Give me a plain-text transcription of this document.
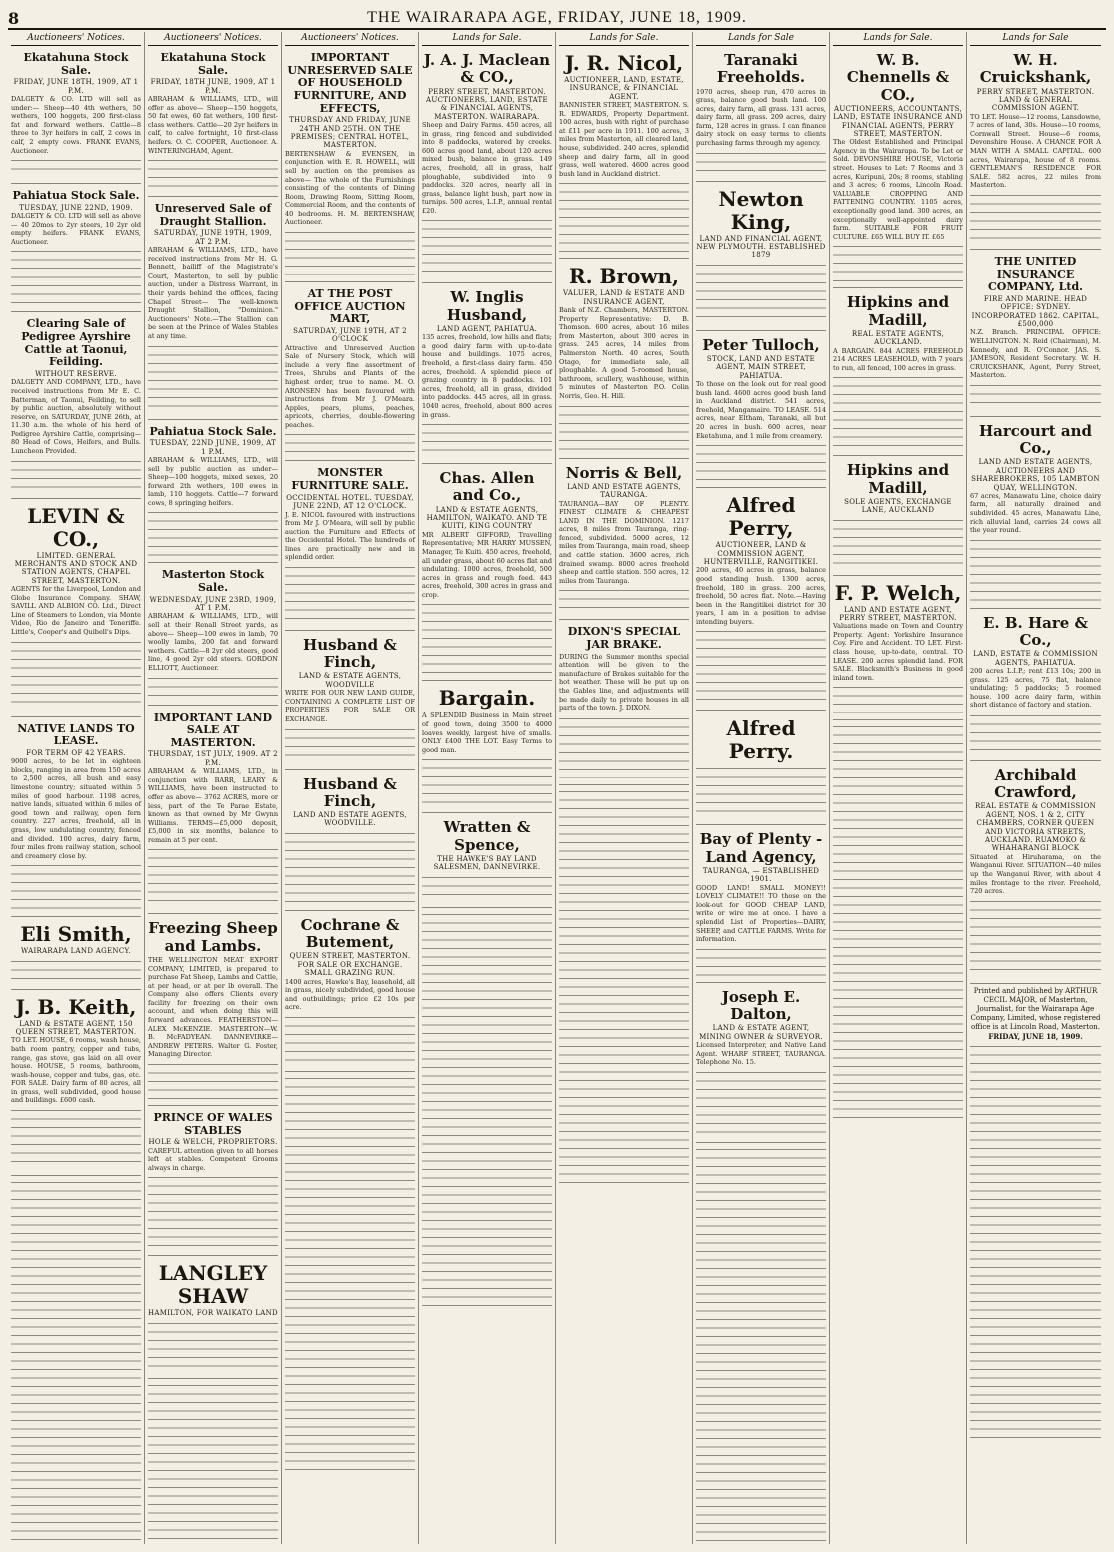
8	THE WAIRARAPA AGE, FRIDAY, JUNE 18, 1909.
Auctioneers' Notices.
Ekatahuna Stock Sale.
FRIDAY, JUNE 18TH, 1909, AT 1 P.M.
DALGETY & CO. LTD will sell as under:— Sheep—40 4th wethers, 50 wethers, 100 hoggets, 200 first-class fat and forward wethers. Cattle—8 three to 3yr heifers in calf, 2 cows in calf, 2 empty cows. FRANK EVANS, Auctioneer.
Pahiatua Stock Sale.
TUESDAY, JUNE 22ND, 1909.
DALGETY & CO. LTD will sell as above— 40 20mos to 2yr steers, 10 2yr old empty heifers. FRANK EVANS, Auctioneer.
Clearing Sale of Pedigree Ayrshire Cattle at Taonui, Feilding.
WITHOUT RESERVE.
DALGETY AND COMPANY, LTD., have received instructions from Mr E. C. Batterman, of Taonui, Feilding, to sell by public auction, absolutely without reserve, on SATURDAY, JUNE 26th, at 11.30 a.m. the whole of his herd of Pedigree Ayrshire Cattle, comprising— 80 Head of Cows, Heifers, and Bulls. Luncheon Provided.
LEVIN & CO.,
LIMITED. GENERAL MERCHANTS AND STOCK AND STATION AGENTS, CHAPEL STREET, MASTERTON.
AGENTS for the Liverpool, London and Globe Insurance Company. SHAW, SAVILL AND ALBION CO. Ltd., Direct Line of Steamers to London, via Monte Video, Rio de Janeiro and Teneriffe. Little's, Cooper's and Quibell's Dips.
NATIVE LANDS TO LEASE.
FOR TERM OF 42 YEARS.
9000 acres, to be let in eighteen blocks, ranging in area from 150 acres to 2,500 acres, all bush and easy limestone country; situated within 5 miles of good harbour. 1198 acres, native lands, situated within 6 miles of good town and railway, open fern country. 227 acres, freehold, all in grass, low undulating country, fenced and divided. 100 acres, dairy farm, four miles from railway station, school and creamery close by.
Eli Smith,
WAIRARAPA LAND AGENCY.
J. B. Keith,
LAND & ESTATE AGENT, 150 QUEEN STREET, MASTERTON.
TO LET. HOUSE, 6 rooms, wash house, bath room pantry, copper and tubs, range, gas stove, gas laid on all over house. HOUSE, 5 rooms, bathroom, wash-house, copper and tubs, gas, etc. FOR SALE. Dairy farm of 80 acres, all in grass, well subdivided, good house and buildings. £600 cash.
Auctioneers' Notices.
Ekatahuna Stock Sale.
FRIDAY, 18TH JUNE, 1909, AT 1 P.M.
ABRAHAM & WILLIAMS, LTD., will offer as above— Sheep—150 hoggets, 50 fat ewes, 60 fat wethers, 100 first-class wethers. Cattle—20 2yr heifers in calf, to calve fortnight, 10 first-class heifers. O. C. COOPER, Auctioneer. A. WINTERINGHAM, Agent.
Unreserved Sale of Draught Stallion.
SATURDAY, JUNE 19TH, 1909, AT 2 P.M.
ABRAHAM & WILLIAMS, LTD., have received instructions from Mr H. G. Bennett, bailiff of the Magistrate's Court, Masterton, to sell by public auction, under a Distress Warrant, in their yards behind the offices, facing Chapel Street— The well-known Draught Stallion, "Dominion." Auctioneers' Note.—The Stallion can be seen at the Prince of Wales Stables at any time.
Pahiatua Stock Sale.
TUESDAY, 22ND JUNE, 1909, AT 1 P.M.
ABRAHAM & WILLIAMS, LTD., will sell by public auction as under— Sheep—100 hoggets, mixed sexes, 20 forward 2th wethers, 100 ewes in lamb, 110 hoggets. Cattle—7 forward cows, 8 springing heifers.
Masterton Stock Sale.
WEDNESDAY, JUNE 23RD, 1909, AT 1 P.M.
ABRAHAM & WILLIAMS, LTD., will sell at their Renall Street yards, as above— Sheep—100 ewes in lamb, 70 woolly lambs, 200 fat and forward wethers. Cattle—8 2yr old steers, good line, 4 good 2yr old steers. GORDON ELLIOTT, Auctioneer.
IMPORTANT LAND SALE AT MASTERTON.
THURSDAY, 1ST JULY, 1909. AT 2 P.M.
ABRAHAM & WILLIAMS, LTD., in conjunction with BARR, LEARY & WILLIAMS, have been instructed to offer as above— 3762 ACRES, more or less, part of the Te Parae Estate, known as that owned by Mr Gwynn Williams. TERMS—£5,000 deposit, £5,000 in six months, balance to remain at 5 per cent.
Freezing Sheep and Lambs.
THE WELLINGTON MEAT EXPORT COMPANY, LIMITED, is prepared to purchase Fat Sheep, Lambs and Cattle, at per head, or at per lb overall. The Company also offers Clients every facility for freezing on their own account, and when doing this will forward advances. FEATHERSTON—ALEX McKENZIE. MASTERTON—W. B. McFADYEAN. DANNEVIRKE—ANDREW PETERS. Walter G. Foster, Managing Director.
PRINCE OF WALES STABLES
HOLE & WELCH, PROPRIETORS.
CAREFUL attention given to all horses left at stables. Competent Grooms always in charge.
LANGLEY SHAW
HAMILTON, FOR WAIKATO LAND
Auctioneers' Notices.
IMPORTANT UNRESERVED SALE OF HOUSEHOLD FURNITURE, AND EFFECTS,
THURSDAY AND FRIDAY, JUNE 24TH AND 25TH. ON THE PREMISES; CENTRAL HOTEL, MASTERTON.
BERTENSHAW & EVENSEN, in conjunction with E. R. HOWELL, will sell by auction on the premises as above— The whole of the Furnishings consisting of the contents of Dining Room, Drawing Room, Sitting Room, Commercial Room, and the contents of 40 bedrooms. H. M. BERTENSHAW, Auctioneer.
AT THE POST OFFICE AUCTION MART,
SATURDAY, JUNE 19TH, AT 2 O'CLOCK
Attractive and Unreserved Auction Sale of Nursery Stock, which will include a very fine assortment of Trees, Shrubs and Plants of the highest order, true to name. M. O. ARONSEN has been favoured with instructions from Mr J. O'Meara. Apples, pears, plums, peaches, apricots, cherries, double-flowering peaches.
MONSTER FURNITURE SALE.
OCCIDENTAL HOTEL. TUESDAY, JUNE 22ND, AT 12 O'CLOCK.
J. E. NICOL favoured with instructions from Mr J. O'Meara, will sell by public auction the Furniture and Effects of the Occidental Hotel. The hundreds of lines are practically new and in splendid order.
Husband & Finch,
LAND & ESTATE AGENTS, WOODVILLE
WRITE FOR OUR NEW LAND GUIDE, CONTAINING A COMPLETE LIST OF PROPERTIES FOR SALE OR EXCHANGE.
Husband & Finch,
LAND AND ESTATE AGENTS, WOODVILLE.
Cochrane & Butement,
QUEEN STREET, MASTERTON. FOR SALE OR EXCHANGE. SMALL GRAZING RUN.
1400 acres, Hawke's Bay, leasehold, all in grass, nicely subdivided, good house and outbuildings; price £2 10s per acre.
Lands for Sale.
J. A. J. Maclean & CO.,
PERRY STREET, MASTERTON. AUCTIONEERS, LAND, ESTATE & FINANCIAL AGENTS, MASTERTON. WAIRARAPA.
Sheep and Dairy Farms. 450 acres, all in grass, ring fenced and subdivided into 8 paddocks, watered by creeks. 600 acres good land, about 120 acres mixed bush, balance in grass. 149 acres, freehold, all in grass, half ploughable, subdivided into 9 paddocks. 320 acres, nearly all in grass, balance light bush, part now in turnips. 500 acres, L.I.P., annual rental £20.
W. Inglis Husband,
LAND AGENT, PAHIATUA.
135 acres, freehold, low hills and flats; a good dairy farm with up-to-date house and buildings. 1075 acres, freehold, a first-class dairy farm. 450 acres, freehold. A splendid piece of grazing country in 8 paddocks. 101 acres, freehold, all in grass, divided into paddocks. 445 acres, all in grass. 1040 acres, freehold, about 800 acres in grass.
Chas. Allen and Co.,
LAND & ESTATE AGENTS, HAMILTON, WAIKATO. AND TE KUITI, KING COUNTRY
MR ALBERT GIFFORD, Travelling Representative; MR HARRY MUSSEN, Manager, Te Kuiti. 450 acres, freehold, all under grass, about 60 acres flat and undulating. 1000 acres, freehold, 500 acres in grass and rough feed. 443 acres, freehold, 300 acres in grass and crop.
Bargain.
A SPLENDID Business in Main street of good town, doing 3500 to 4000 loaves weekly, largest hive of smalls. ONLY £400 THE LOT. Easy Terms to good man.
Wratten & Spence,
THE HAWKE'S BAY LAND SALESMEN, DANNEVIRKE.
Lands for Sale.
J. R. Nicol,
AUCTIONEER, LAND, ESTATE, INSURANCE, & FINANCIAL AGENT.
BANNISTER STREET, MASTERTON. S. R. EDWARDS, Property Department. 100 acres, bush with right of purchase at £11 per acre in 1911. 100 acres, 3 miles from Masterton, all cleared land, house, subdivided. 240 acres, splendid sheep and dairy farm, all in good grass, well watered. 4600 acres good bush land in Auckland district.
R. Brown,
VALUER, LAND & ESTATE AND INSURANCE AGENT,
Bank of N.Z. Chambers, MASTERTON. Property Representative: D. B. Thomson. 600 acres, about 16 miles from Masterton, about 300 acres in grass. 245 acres, 14 miles from Palmerston North. 40 acres, South Otago, for immediate sale, all ploughable. A good 5-roomed house, bathroom, scullery, washhouse, within 5 minutes of Masterton P.O. Colin Norris, Geo. H. Hill.
Norris & Bell,
LAND AND ESTATE AGENTS, TAURANGA.
TAURANGA—BAY OF PLENTY. FINEST CLIMATE & CHEAPEST LAND IN THE DOMINION. 1217 acres, 8 miles from Tauranga, ring-fenced, subdivided. 5000 acres, 12 miles from Tauranga, main road, sheep and cattle station. 3600 acres, rich drained swamp. 8000 acres freehold sheep and cattle station. 550 acres, 12 miles from Tauranga.
DIXON'S SPECIAL JAR BRAKE.
DURING the Summer months special attention will be given to the manufacture of Brakes suitable for the hot weather. These will be put up on the Gables line, and adjustments will be made daily to private houses in all parts of the town. J. DIXON.
Lands for Sale
Taranaki Freeholds.
1970 acres, sheep run, 470 acres in grass, balance good bush land. 100 acres, dairy farm, all grass. 131 acres, dairy farm, all grass. 209 acres, dairy farm, 128 acres in grass. I can finance dairy stock on easy terms to clients purchasing farms through my agency.
Newton King,
LAND AND FINANCIAL AGENT, NEW PLYMOUTH. ESTABLISHED 1879
Peter Tulloch,
STOCK, LAND AND ESTATE AGENT, MAIN STREET, PAHIATUA.
To those on the look out for real good bush land. 4600 acres good bush land in Auckland district. 541 acres, freehold, Mangamaire. TO LEASE. 514 acres, near Eltham, Taranaki, all but 20 acres in bush. 600 acres, near Eketahuna, and 1 mile from creamery.
Alfred Perry,
AUCTIONEER, LAND & COMMISSION AGENT, HUNTERVILLE, RANGITIKEI.
200 acres, 40 acres in grass, balance good standing bush. 1300 acres, freehold, 180 in grass. 200 acres, freehold, 50 acres flat. Note.—Having been in the Rangitikei district for 30 years, I am in a position to advise intending buyers.
Alfred Perry.
Bay of Plenty - Land Agency,
TAURANGA, — ESTABLISHED 1901.
GOOD LAND! SMALL MONEY!! LOVELY CLIMATE!! TO those on the look-out for GOOD CHEAP LAND, write or wire me at once. I have a splendid List of Properties—DAIRY, SHEEP, and CATTLE FARMS. Write for information.
Joseph E. Dalton,
LAND & ESTATE AGENT, MINING OWNER & SURVEYOR.
Licensed Interpreter, and Native Land Agent. WHARF STREET, TAURANGA. Telephone No. 15.
Lands for Sale.
W. B. Chennells & CO.,
AUCTIONEERS, ACCOUNTANTS, LAND, ESTATE INSURANCE AND FINANCIAL AGENTS, PERRY STREET, MASTERTON.
The Oldest Established and Principal Agency in the Wairarapa. To be Let or Sold. DEVONSHIRE HOUSE, Victoria street. Houses to Let: 7 Rooms and 3 acres, Kuripuni, 20s; 8 rooms, stabling and 3 acres; 6 rooms, Lincoln Road. VALUABLE CROPPING AND FATTENING COUNTRY. 1105 acres, exceptionally good land. 300 acres, an exceptionally well-appointed dairy farm. SUITABLE FOR FRUIT CULTURE. £65 WILL BUY IT. £65
Hipkins and Madill,
REAL ESTATE AGENTS, AUCKLAND.
A BARGAIN. 844 ACRES FREEHOLD 214 ACRES LEASEHOLD, with 7 years to run, all fenced, 100 acres in grass.
Hipkins and Madill,
SOLE AGENTS, EXCHANGE LANE, AUCKLAND
F. P. Welch,
LAND AND ESTATE AGENT, PERRY STREET, MASTERTON.
Valuations made on Town and Country Property. Agent: Yorkshire Insurance Coy. Fire and Accident. TO LET. First-class house, up-to-date, central. TO LEASE. 200 acres splendid land. FOR SALE. Blacksmith's Business in good inland town.
Lands for Sale
W. H. Cruickshank,
PERRY STREET, MASTERTON. LAND & GENERAL COMMISSION AGENT.
TO LET. House—12 rooms, Lansdowne, 7 acres of land, 30s. House—10 rooms, Cornwall Street. House—6 rooms, Devonshire House. A CHANCE FOR A MAN WITH A SMALL CAPITAL. 600 acres, Wairarapa, house of 8 rooms. GENTLEMAN'S RESIDENCE FOR SALE. 582 acres, 22 miles from Masterton.
THE UNITED INSURANCE COMPANY, Ltd.
FIRE AND MARINE. HEAD OFFICE: SYDNEY. INCORPORATED 1862. CAPITAL, £500,000
N.Z. Branch. PRINCIPAL OFFICE: WELLINGTON. N. Reid (Chairman), M. Kennedy, and R. O'Connor. JAS. S. JAMESON, Resident Secretary. W. H. CRUICKSHANK, Agent, Perry Street, Masterton.
Harcourt and Co.,
LAND AND ESTATE AGENTS, AUCTIONEERS AND SHAREBROKERS, 105 LAMBTON QUAY, WELLINGTON.
67 acres, Manawatu Line, choice dairy farm, all naturally drained and subdivided. 45 acres, Manawatu Line, rich alluvial land, carries 24 cows all the year round.
E. B. Hare & Co.,
LAND, ESTATE & COMMISSION AGENTS, PAHIATUA.
200 acres L.I.P.; rent £13 10s; 200 in grass. 125 acres, 75 flat, balance undulating; 5 paddocks; 5 roomed house. 100 acre dairy farm, within short distance of factory and station.
Archibald Crawford,
REAL ESTATE & COMMISSION AGENT, NOS. 1 & 2, CITY CHAMBERS, CORNER QUEEN AND VICTORIA STREETS, AUCKLAND. RUAMOKO & WHAHARANGI BLOCK
Situated at Hiruharama, on the Wanganui River. SITUATION—40 miles up the Wanganui River, with about 4 miles frontage to the river. Freehold, 720 acres.
Printed and published by ARTHUR CECIL MAJOR, of Masterton, Journalist, for the Wairarapa Age Company, Limited, whose registered office is at Lincoln Road, Masterton.
FRIDAY, JUNE 18, 1909.
